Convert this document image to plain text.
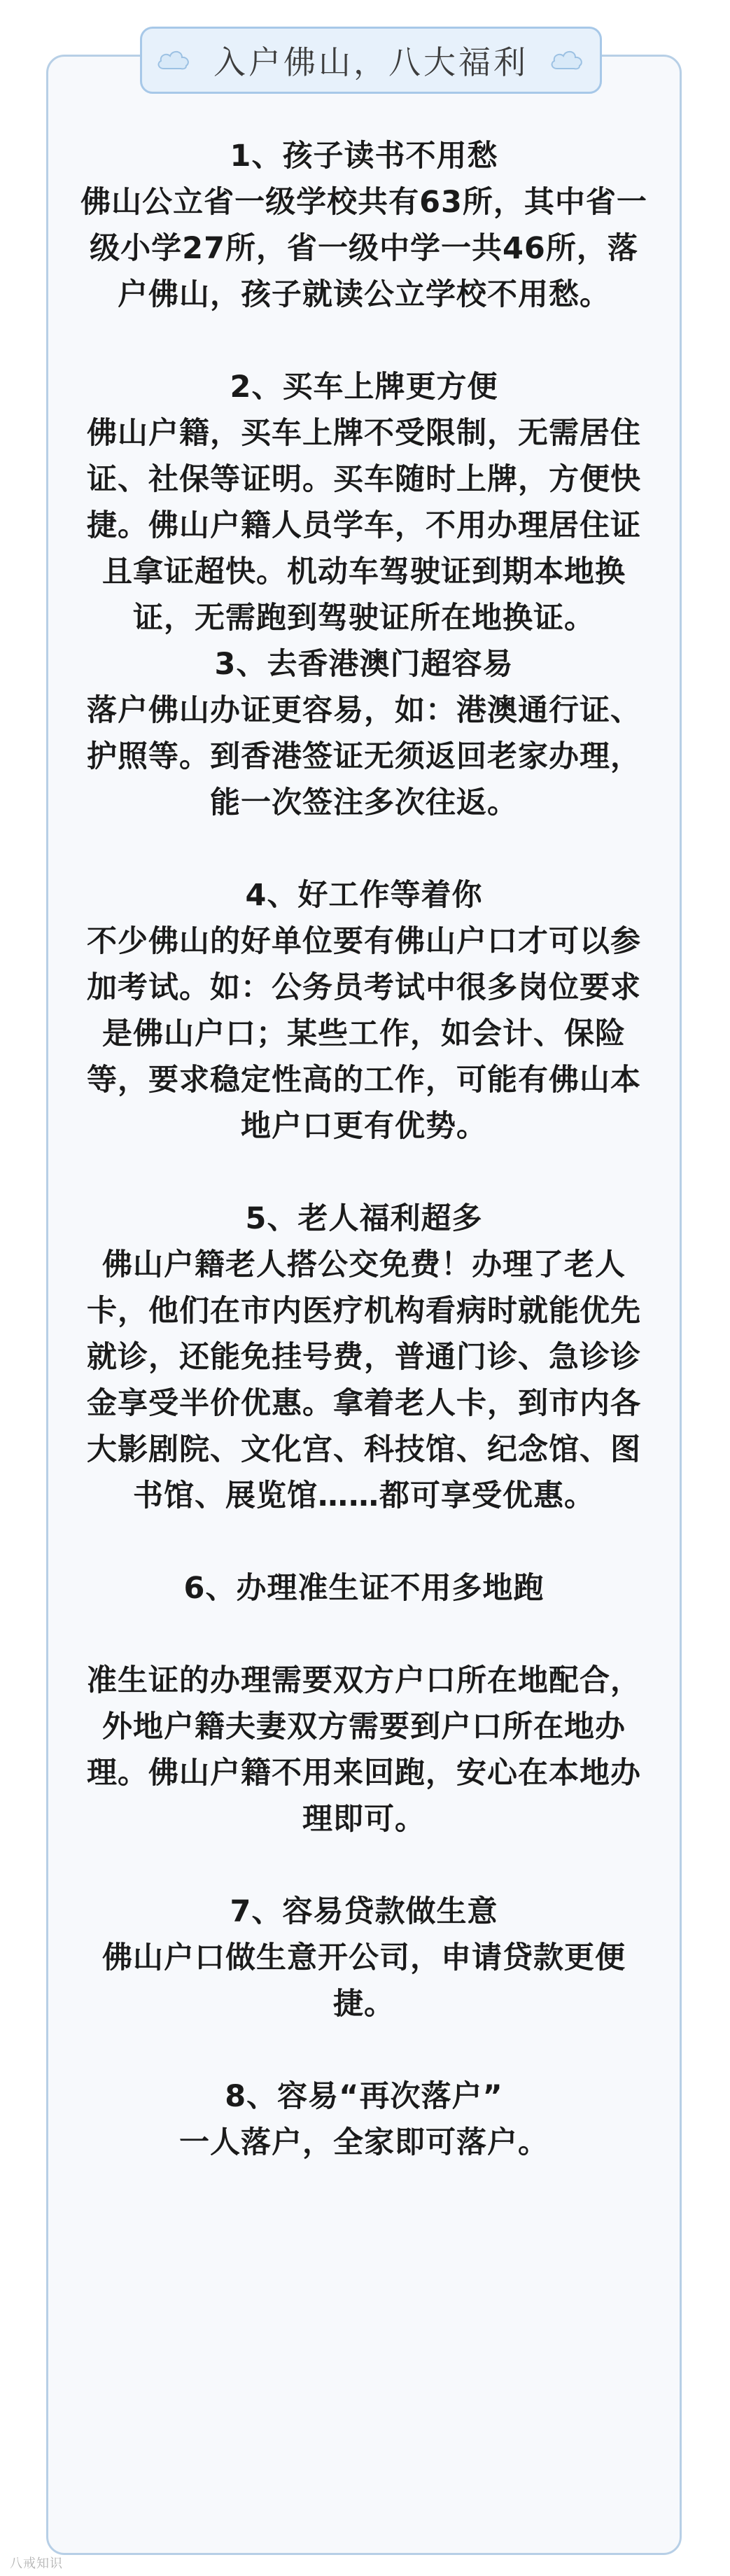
入户佛山，八大福利
1、孩子读书不用愁

佛山公立省一级学校共有63所，其中省一级小学27所，省一级中学一共46所，落户佛山，孩子就读公立学校不用愁。

2、买车上牌更方便

佛山户籍，买车上牌不受限制，无需居住证、社保等证明。买车随时上牌，方便快捷。佛山户籍人员学车，不用办理居住证且拿证超快。机动车驾驶证到期本地换证，无需跑到驾驶证所在地换证。

3、去香港澳门超容易

落户佛山办证更容易，如：港澳通行证、护照等。到香港签证无须返回老家办理，能一次签注多次往返。

4、好工作等着你

不少佛山的好单位要有佛山户口才可以参加考试。如：公务员考试中很多岗位要求是佛山户口；某些工作，如会计、保险等，要求稳定性高的工作，可能有佛山本地户口更有优势。

5、老人福利超多

佛山户籍老人搭公交免费！办理了老人卡，他们在市内医疗机构看病时就能优先就诊，还能免挂号费，普通门诊、急诊诊金享受半价优惠。拿着老人卡，到市内各大影剧院、文化宫、科技馆、纪念馆、图书馆、展览馆……都可享受优惠。

6、办理准生证不用多地跑

准生证的办理需要双方户口所在地配合，外地户籍夫妻双方需要到户口所在地办理。佛山户籍不用来回跑，安心在本地办理即可。

7、容易贷款做生意

佛山户口做生意开公司，申请贷款更便捷。

8、容易“再次落户”

一人落户，全家即可落户。

八戒知识
